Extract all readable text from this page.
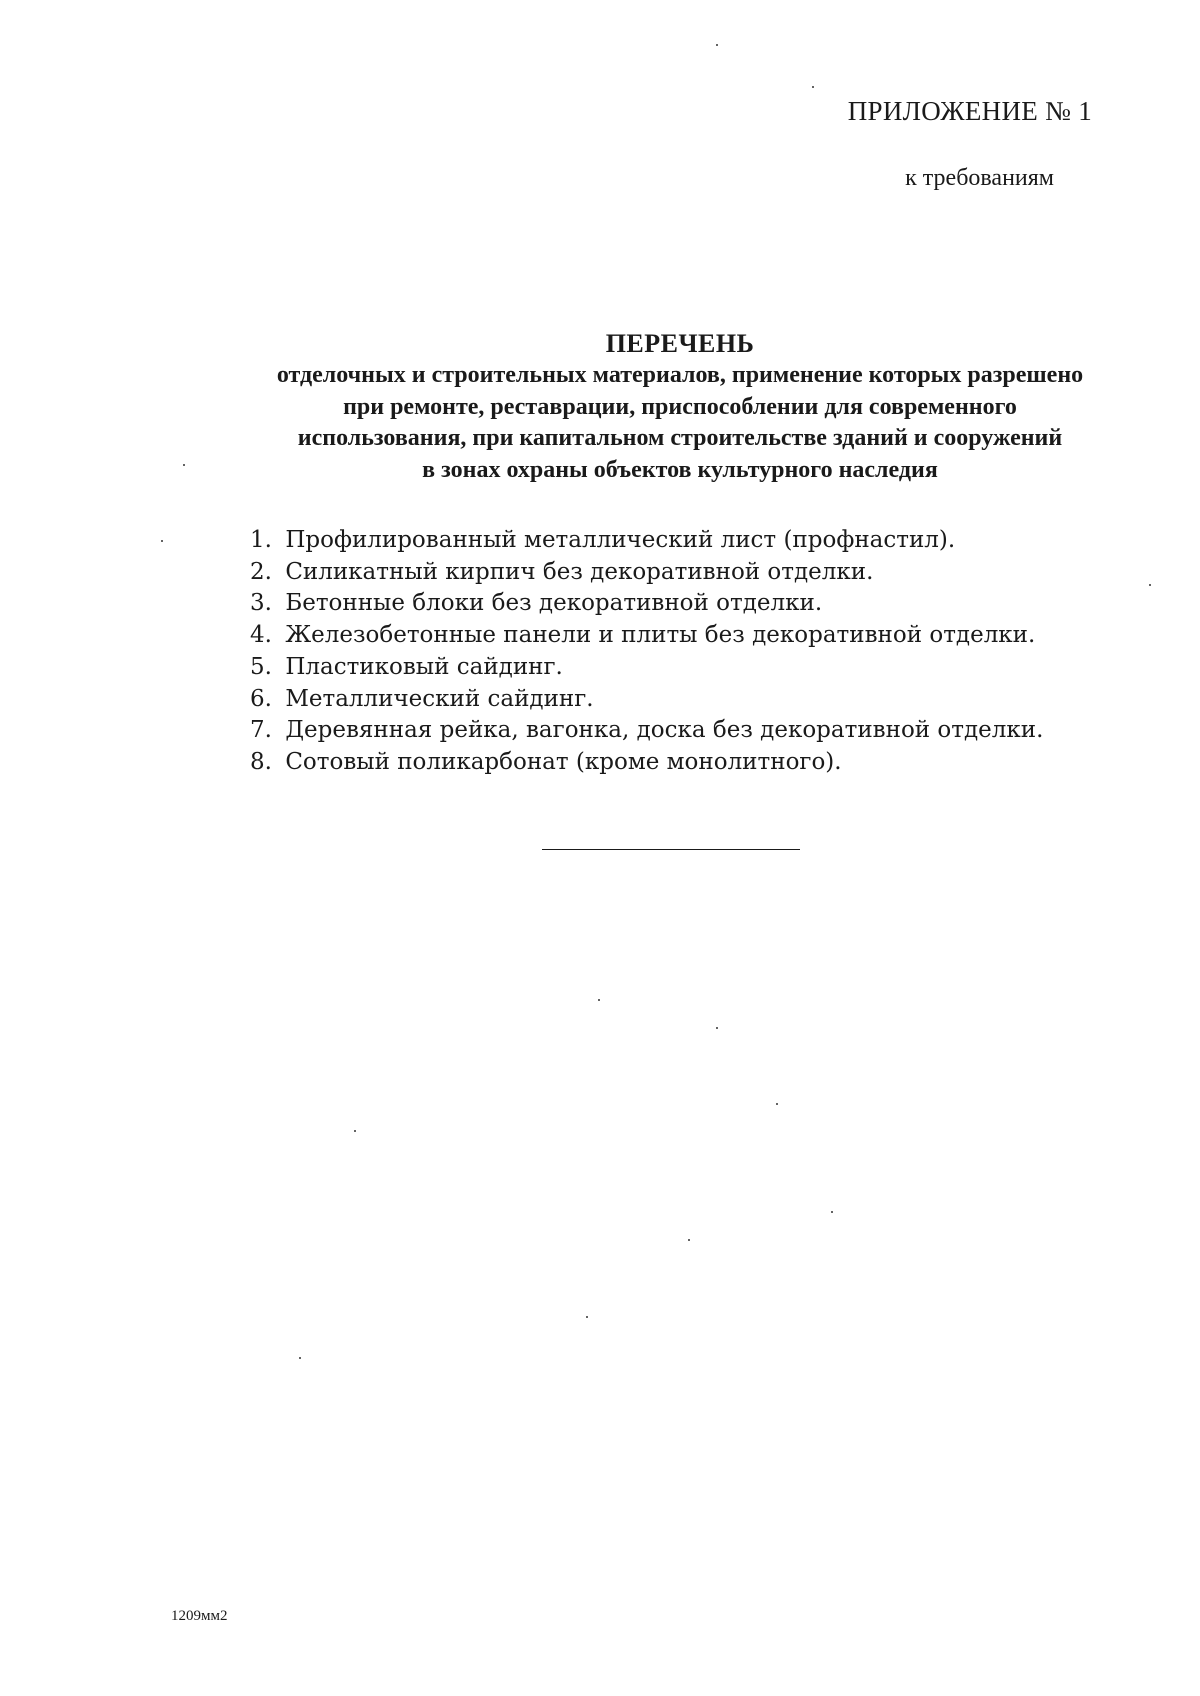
ПРИЛОЖЕНИЕ № 1
к требованиям
ПЕРЕЧЕНЬ
отделочных и строительных материалов, применение которых разрешено
при ремонте, реставрации, приспособлении для современного
использования, при капитальном строительстве зданий и сооружений
в зонах охраны объектов культурного наследия
1. Профилированный металлический лист (профнастил).
2. Силикатный кирпич без декоративной отделки.
3. Бетонные блоки без декоративной отделки.
4. Железобетонные панели и плиты без декоративной отделки.
5. Пластиковый сайдинг.
6. Металлический сайдинг.
7. Деревянная рейка, вагонка, доска без декоративной отделки.
8. Сотовый поликарбонат (кроме монолитного).
1209мм2
